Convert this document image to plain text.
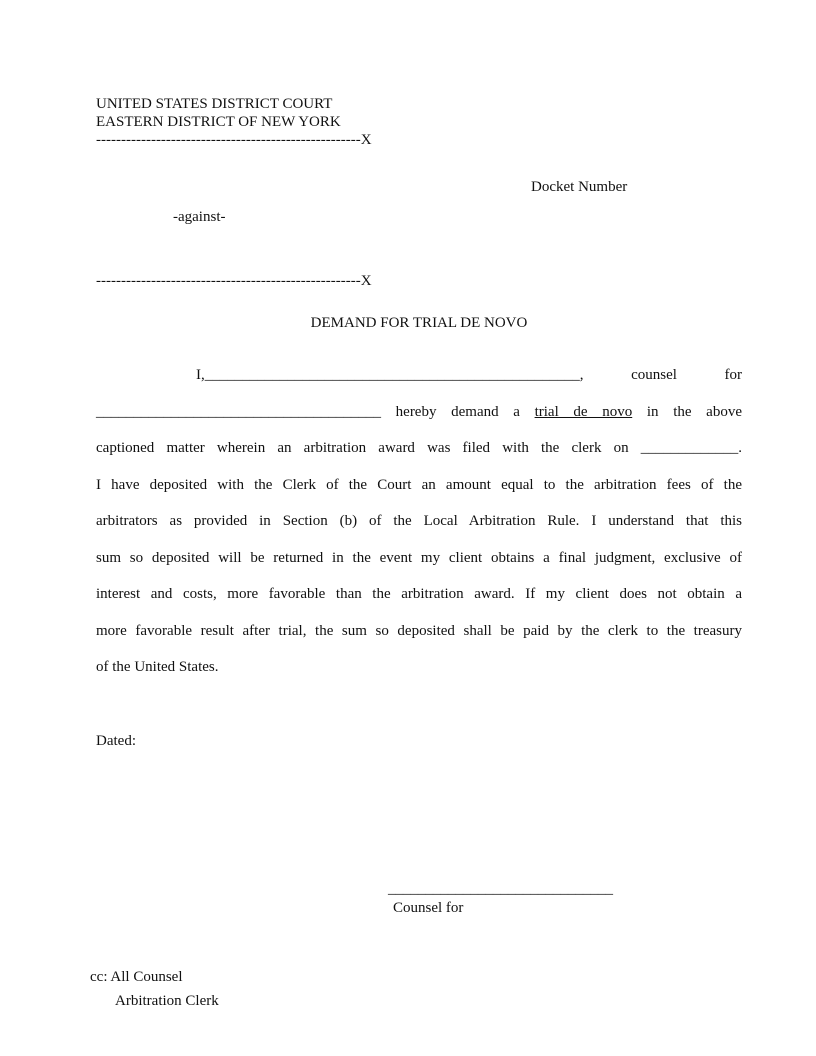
UNITED STATES DISTRICT COURT
EASTERN DISTRICT OF NEW YORK
-----------------------------------------------------X
Docket Number
-against-
-----------------------------------------------------X
DEMAND FOR TRIAL DE NOVO
I,__________________________________________________,	counsel	for
______________________________________ hereby demand a trial de novo in the above
captioned matter wherein an arbitration award was filed with the clerk on _____________.
I have deposited with the Clerk of the Court an amount equal to the arbitration fees of the
arbitrators as provided in Section (b) of the Local Arbitration Rule. I understand that this
sum so deposited will be returned in the event my client obtains a final judgment, exclusive of
interest and costs, more favorable than the arbitration award. If my client does not obtain a
more favorable result after trial, the sum so deposited shall be paid by the clerk to the treasury
of the United States.
Dated:
______________________________
Counsel for
cc: All Counsel
Arbitration Clerk
